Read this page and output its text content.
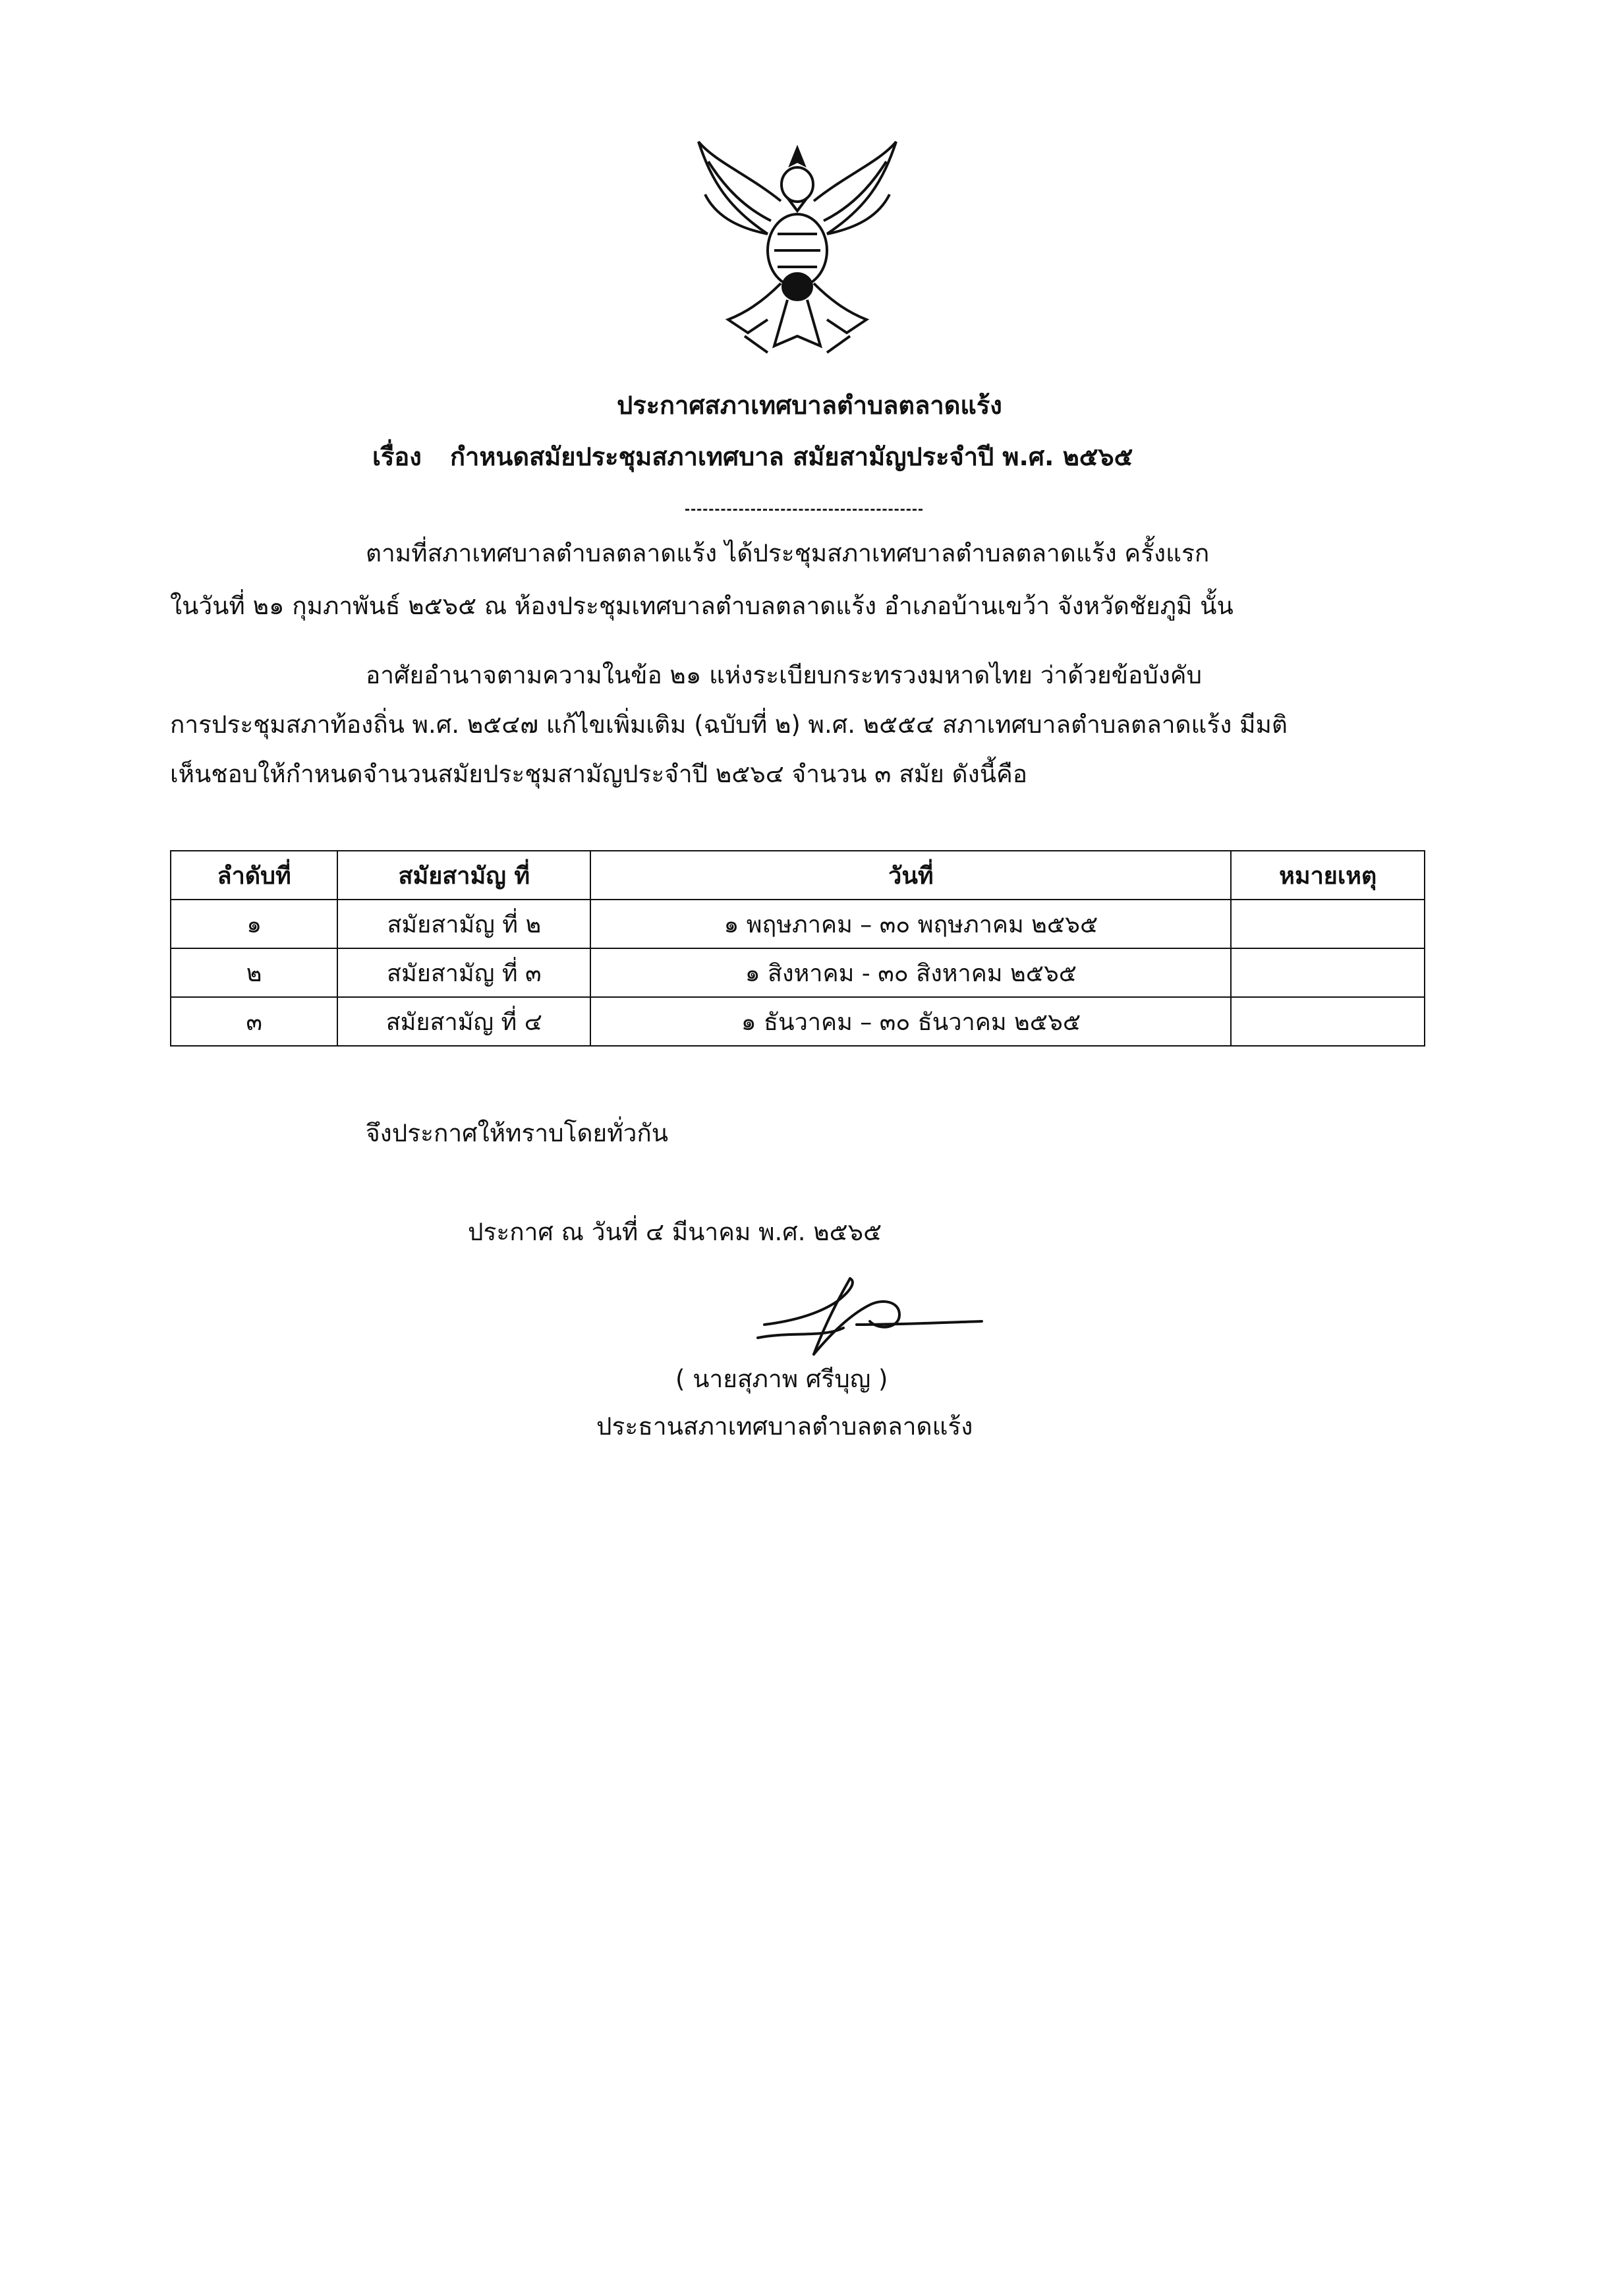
ประกาศสภาเทศบาลตำบลตลาดแร้ง
เรื่อง กำหนดสมัยประชุมสภาเทศบาล สมัยสามัญประจำปี พ.ศ. ๒๕๖๕
ตามที่สภาเทศบาลตำบลตลาดแร้ง ได้ประชุมสภาเทศบาลตำบลตลาดแร้ง ครั้งแรก
ในวันที่ ๒๑ กุมภาพันธ์ ๒๕๖๕ ณ ห้องประชุมเทศบาลตำบลตลาดแร้ง อำเภอบ้านเขว้า จังหวัดชัยภูมิ นั้น
อาศัยอำนาจตามความในข้อ ๒๑ แห่งระเบียบกระทรวงมหาดไทย ว่าด้วยข้อบังคับ
การประชุมสภาท้องถิ่น พ.ศ. ๒๕๔๗ แก้ไขเพิ่มเติม (ฉบับที่ ๒) พ.ศ. ๒๕๕๔ สภาเทศบาลตำบลตลาดแร้ง มีมติ
เห็นชอบให้กำหนดจำนวนสมัยประชุมสามัญประจำปี ๒๕๖๔ จำนวน ๓ สมัย ดังนี้คือ
ลำดับที่	สมัยสามัญ ที่	วันที่	หมายเหตุ
๑	สมัยสามัญ ที่ ๒	๑ พฤษภาคม – ๓๐ พฤษภาคม ๒๕๖๕	
๒	สมัยสามัญ ที่ ๓	๑ สิงหาคม - ๓๐ สิงหาคม ๒๕๖๕	
๓	สมัยสามัญ ที่ ๔	๑ ธันวาคม – ๓๐ ธันวาคม ๒๕๖๕	
จึงประกาศให้ทราบโดยทั่วกัน
ประกาศ ณ วันที่ ๔ มีนาคม พ.ศ. ๒๕๖๕
( นายสุภาพ ศรีบุญ )
ประธานสภาเทศบาลตำบลตลาดแร้ง
